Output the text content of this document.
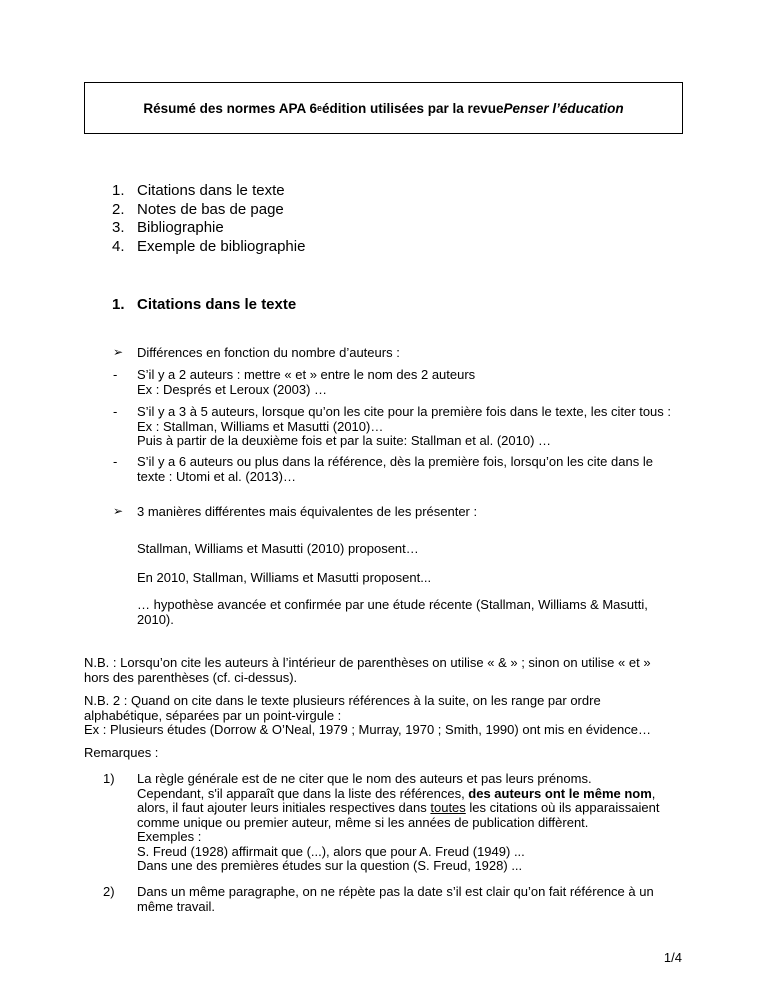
Résumé des normes APA 6 e édition utilisées par la revue Penser l’éducation
1. Citations dans le texte
2. Notes de bas de page
3. Bibliographie
4. Exemple de bibliographie
1. Citations dans le texte
➢ Différences en fonction du nombre d’auteurs :
- S’il y a 2 auteurs : mettre « et » entre le nom des 2 auteurs
Ex : Després et Leroux (2003) …
- S’il y a 3 à 5 auteurs, lorsque qu’on les cite pour la première fois dans le texte, les citer tous :
Ex : Stallman, Williams et Masutti (2010)…
Puis à partir de la deuxième fois et par la suite: Stallman et al. (2010) …
- S’il y a 6 auteurs ou plus dans la référence, dès la première fois, lorsqu’on les cite dans le
texte : Utomi et al. (2013)…
➢ 3 manières différentes mais équivalentes de les présenter :
Stallman, Williams et Masutti (2010) proposent…
En 2010, Stallman, Williams et Masutti proposent...
… hypothèse avancée et confirmée par une étude récente (Stallman, Williams & Masutti,
2010).
N.B. : Lorsqu’on cite les auteurs à l’intérieur de parenthèses on utilise « & » ; sinon on utilise « et »
hors des parenthèses (cf. ci-dessus).
N.B. 2 : Quand on cite dans le texte plusieurs références à la suite, on les range par ordre
alphabétique, séparées par un point-virgule :
Ex : Plusieurs études (Dorrow & O’Neal, 1979 ; Murray, 1970 ; Smith, 1990) ont mis en évidence…
Remarques :
1) La règle générale est de ne citer que le nom des auteurs et pas leurs prénoms.
Cependant, s'il apparaît que dans la liste des références, des auteurs ont le même nom,
alors, il faut ajouter leurs initiales respectives dans toutes les citations où ils apparaissaient
comme unique ou premier auteur, même si les années de publication diffèrent.
Exemples :
S. Freud (1928) affirmait que (...), alors que pour A. Freud (1949) ...
Dans une des premières études sur la question (S. Freud, 1928) ...
2) Dans un même paragraphe, on ne répète pas la date s’il est clair qu’on fait référence à un
même travail.
1/4
